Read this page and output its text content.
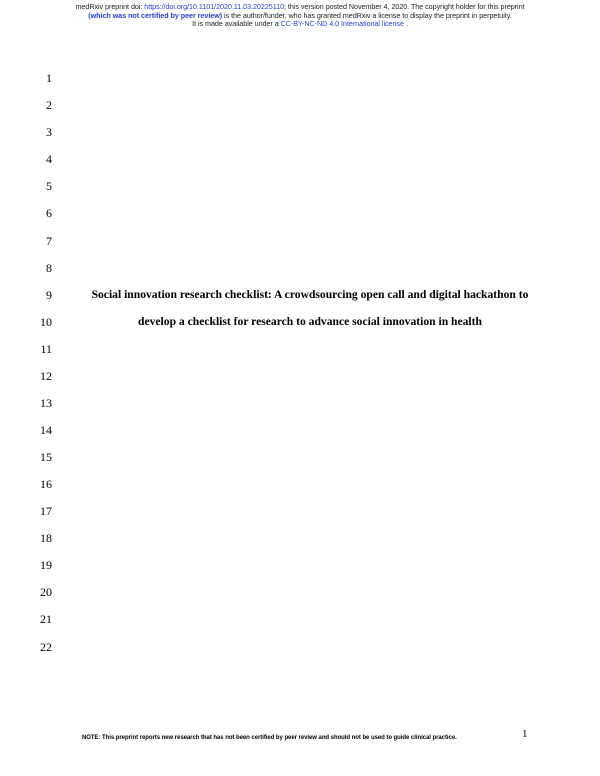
medRxiv preprint doi: https://doi.org/10.1101/2020.11.03.20225110; this version posted November 4, 2020. The copyright holder for this preprint
(which was not certified by peer review) is the author/funder, who has granted medRxiv a license to display the preprint in perpetuity.
It is made available under a CC-BY-NC-ND 4.0 International license .
1
2
3
4
5
6
7
8
9
10
11
12
13
14
15
16
17
18
19
20
21
22
Social innovation research checklist: A crowdsourcing open call and digital hackathon to
develop a checklist for research to advance social innovation in health
NOTE: This preprint reports new research that has not been certified by peer review and should not be used to guide clinical practice.	1
